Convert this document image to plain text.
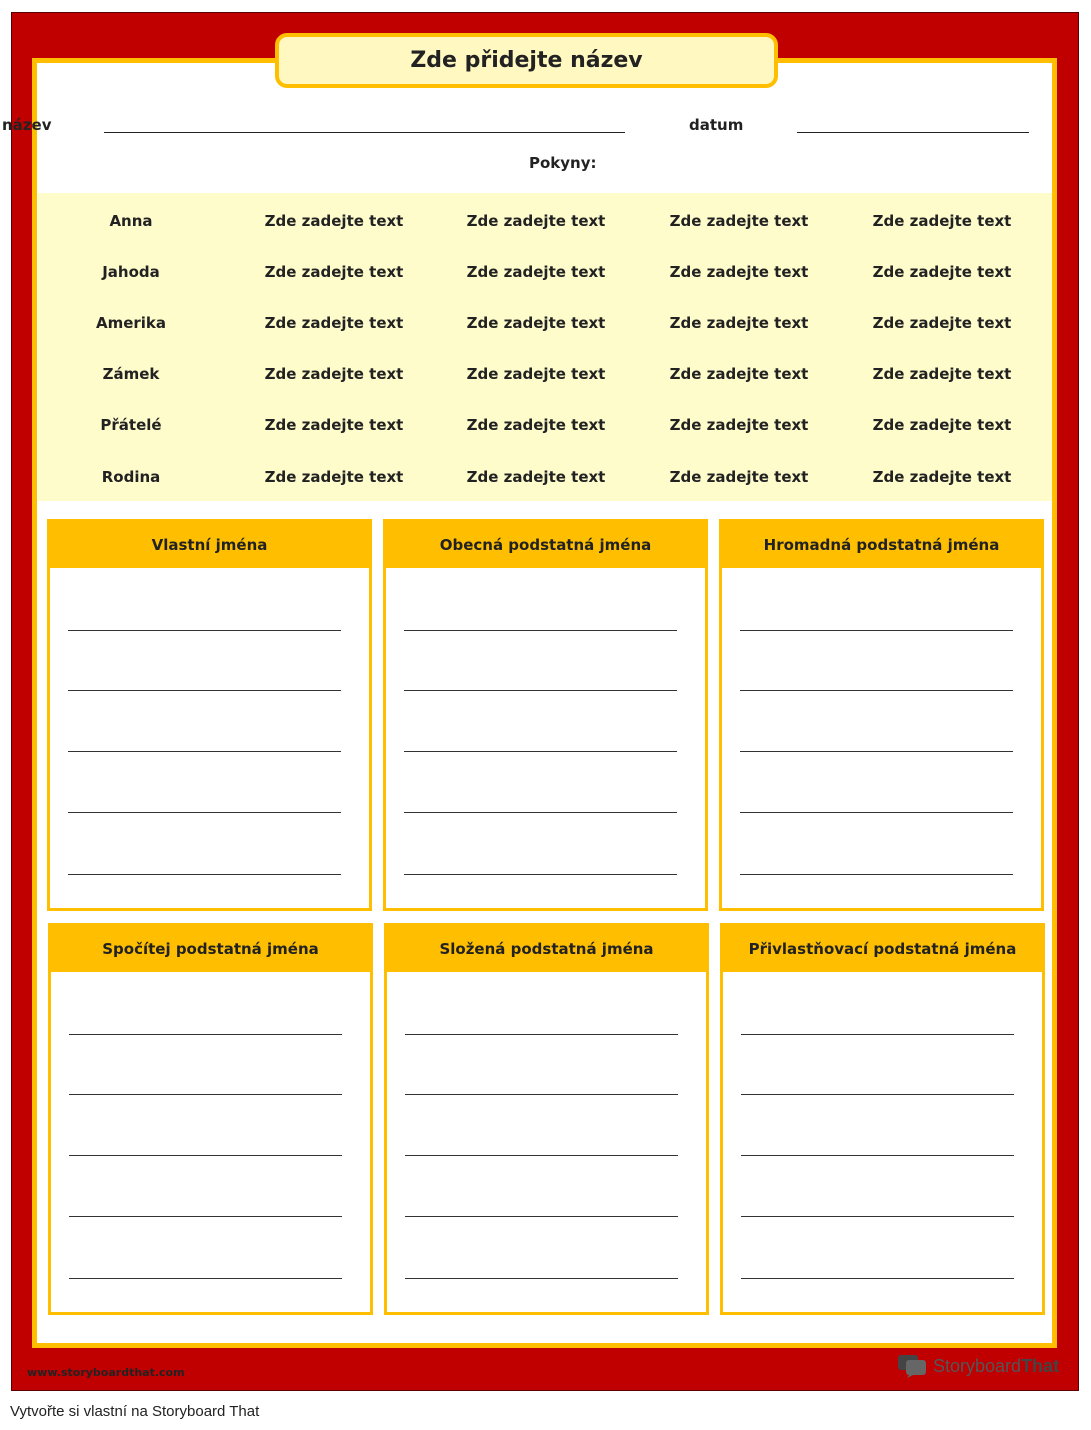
Zde přidejte název
název	datum
Pokyny:
Anna	Zde zadejte text	Zde zadejte text	Zde zadejte text	Zde zadejte text
Jahoda	Zde zadejte text	Zde zadejte text	Zde zadejte text	Zde zadejte text
Amerika	Zde zadejte text	Zde zadejte text	Zde zadejte text	Zde zadejte text
Zámek	Zde zadejte text	Zde zadejte text	Zde zadejte text	Zde zadejte text
Přátelé	Zde zadejte text	Zde zadejte text	Zde zadejte text	Zde zadejte text
Rodina	Zde zadejte text	Zde zadejte text	Zde zadejte text	Zde zadejte text
Vlastní jména	Obecná podstatná jména	Hromadná podstatná jména
Spočítej podstatná jména	Složená podstatná jména	Přivlastňovací podstatná jména
www.storyboardthat.com	StoryboardThat
Vytvořte si vlastní na Storyboard That
